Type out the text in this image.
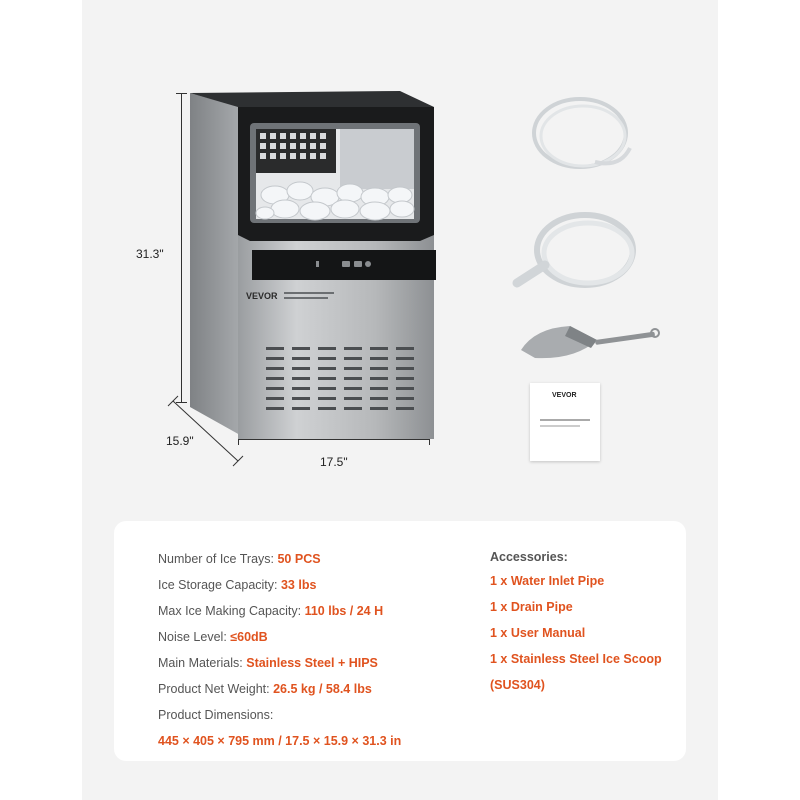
31.3"
15.9"
17.5"
VEVOR
VEVOR
Number of Ice Trays: 50 PCS
Ice Storage Capacity: 33 lbs
Max Ice Making Capacity: 110 lbs / 24 H
Noise Level: ≤60dB
Main Materials: Stainless Steel + HIPS
Product Net Weight: 26.5 kg / 58.4 lbs
Product Dimensions:
445 × 405 × 795 mm / 17.5 × 15.9 × 31.3 in
Accessories:
1 x Water Inlet Pipe
1 x Drain Pipe
1 x User Manual
1 x Stainless Steel Ice Scoop
(SUS304)
